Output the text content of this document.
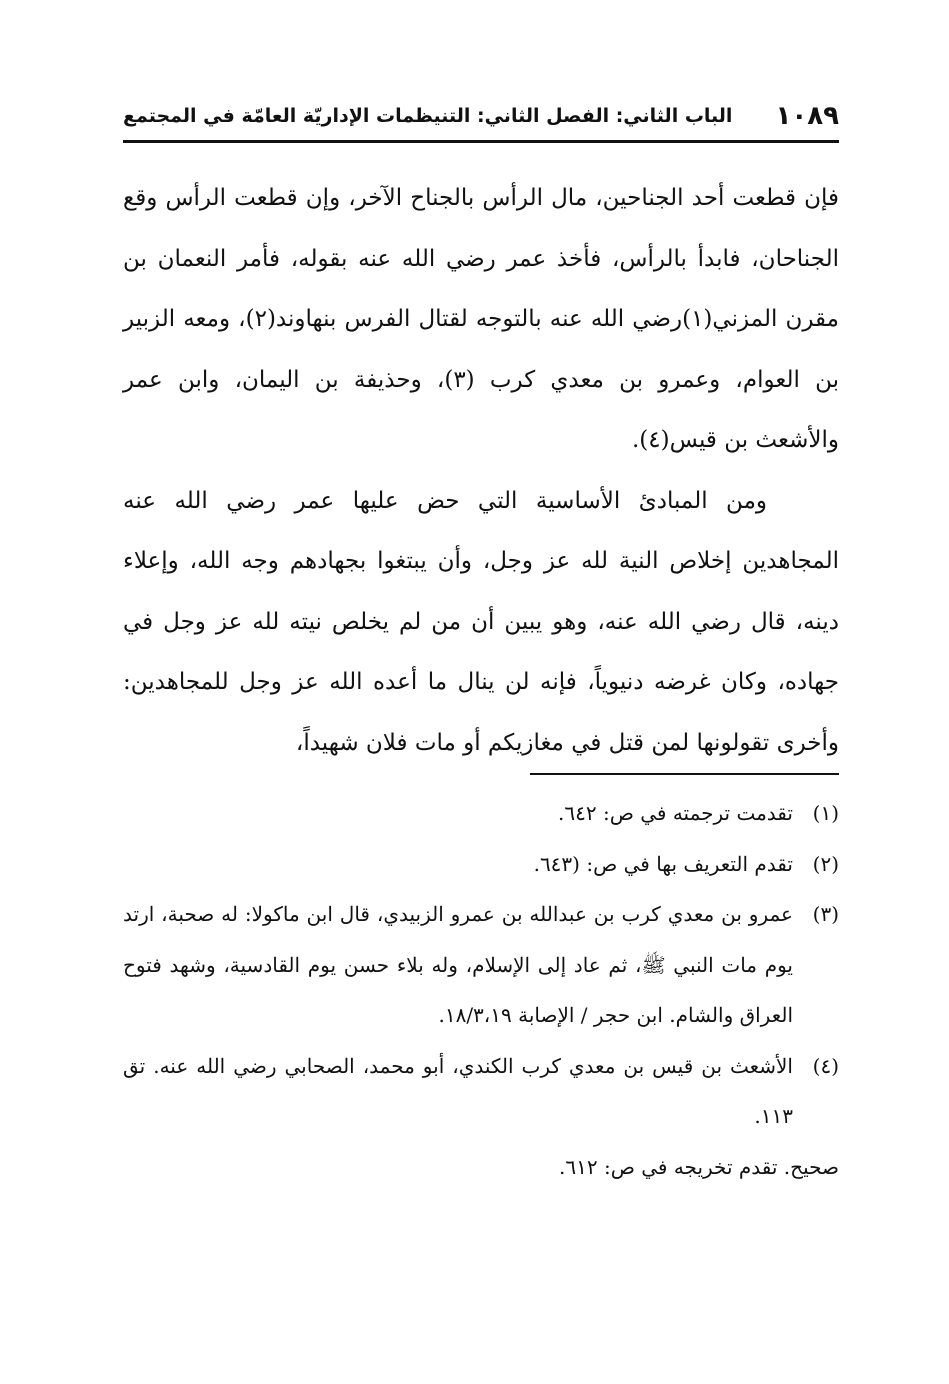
١٠٨٩
الباب الثاني: الفصل الثاني: التنيظمات الإداريّة العامّة في المجتمع

فإن قطعت أحد الجناحين، مال الرأس بالجناح الآخر، وإن قطعت الرأس وقع الجناحان، فابدأ بالرأس، فأخذ عمر رضي الله عنه بقوله، فأمر النعمان بن مقرن المزني(١)رضي الله عنه بالتوجه لقتال الفرس بنهاوند(٢)، ومعه الزبير بن العوام، وعمرو بن معدي كرب (٣)، وحذيفة بن اليمان، وابن عمر والأشعث بن قيس(٤).

ومن المبادئ الأساسية التي حض عليها عمر رضي الله عنه المجاهدين إخلاص النية لله عز وجل، وأن يبتغوا بجهادهم وجه الله، وإعلاء دينه، قال رضي الله عنه، وهو يبين أن من لم يخلص نيته لله عز وجل في جهاده، وكان غرضه دنيوياً، فإنه لن ينال ما أعده الله عز وجل للمجاهدين: وأخرى تقولونها لمن قتل في مغازيكم أو مات فلان شهيداً،

(١)تقدمت ترجمته في ص: ٦٤٢.

(٢)تقدم التعريف بها في ص: (٦٤٣.

(٣)عمرو بن معدي كرب بن عبدالله بن عمرو الزبيدي، قال ابن ماكولا: له صحبة، ارتد يوم مات النبي ﷺ، ثم عاد إلى الإسلام، وله بلاء حسن يوم القادسية، وشهد فتوح العراق والشام. ابن حجر / الإصابة ١٨/٣،١٩.

(٤)الأشعث بن قيس بن معدي كرب الكندي، أبو محمد، الصحابي رضي الله عنه. تق ١١٣.

صحيح. تقدم تخريجه في ص: ٦١٢.
